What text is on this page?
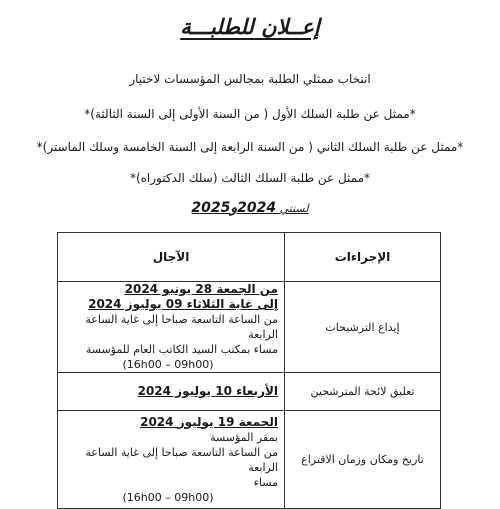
إعــلان للطلبـــة
انتخاب ممثلي الطلبة بمجالس المؤسسات لاختيار
*ممثل عن طلبة السلك الأول ( من السنة الأولى إلى السنة الثالثة)*
*ممثل عن طلبة السلك الثاني ( من السنة الرابعة إلى السنة الخامسة وسلك الماستر)*
*ممثل عن طلبة السلك الثالث (سلك الدكتوراه)*
لسنتي 2024و2025
الإجراءات	الآجال
إيداع الترشيحات	من الجمعة 28 يونيو 2024
إلى غاية الثلاثاء 09 يوليوز 2024
من الساعة التاسعة صباحا إلى غاية الساعة الرابعة
مساء بمكتب السيد الكاتب العام للمؤسسة
(16h00 – 09h00)

تعليق لائحة المترشحين	الأربعاء 10 يوليوز 2024

تاريخ ومكان وزمان الاقتراع	الجمعة 19 يوليوز 2024
بمقر المؤسسة
من الساعة التاسعة صباحا إلى غاية الساعة الرابعة
مساء
(16h00 – 09h00)
